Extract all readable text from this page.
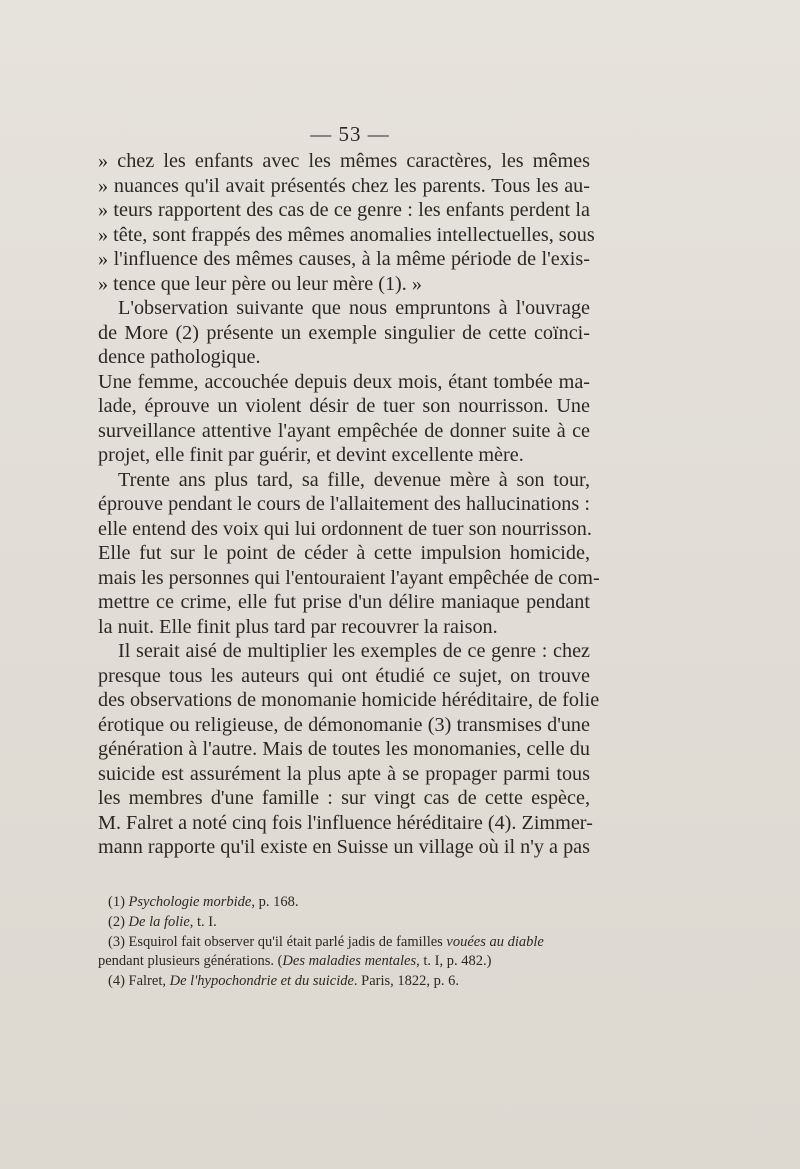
— 53 —
» chez les enfants avec les mêmes caractères, les mêmes
» nuances qu'il avait présentés chez les parents. Tous les au-
» teurs rapportent des cas de ce genre : les enfants perdent la
» tête, sont frappés des mêmes anomalies intellectuelles, sous
» l'influence des mêmes causes, à la même période de l'exis-
» tence que leur père ou leur mère (1). »
L'observation suivante que nous empruntons à l'ouvrage
de More (2) présente un exemple singulier de cette coïnci-
dence pathologique.
Une femme, accouchée depuis deux mois, étant tombée ma-
lade, éprouve un violent désir de tuer son nourrisson. Une
surveillance attentive l'ayant empêchée de donner suite à ce
projet, elle finit par guérir, et devint excellente mère.
Trente ans plus tard, sa fille, devenue mère à son tour,
éprouve pendant le cours de l'allaitement des hallucinations :
elle entend des voix qui lui ordonnent de tuer son nourrisson.
Elle fut sur le point de céder à cette impulsion homicide,
mais les personnes qui l'entouraient l'ayant empêchée de com-
mettre ce crime, elle fut prise d'un délire maniaque pendant
la nuit. Elle finit plus tard par recouvrer la raison.
Il serait aisé de multiplier les exemples de ce genre : chez
presque tous les auteurs qui ont étudié ce sujet, on trouve
des observations de monomanie homicide héréditaire, de folie
érotique ou religieuse, de démonomanie (3) transmises d'une
génération à l'autre. Mais de toutes les monomanies, celle du
suicide est assurément la plus apte à se propager parmi tous
les membres d'une famille : sur vingt cas de cette espèce,
M. Falret a noté cinq fois l'influence héréditaire (4). Zimmer-
mann rapporte qu'il existe en Suisse un village où il n'y a pas
(1) Psychologie morbide, p. 168.
(2) De la folie, t. I.
(3) Esquirol fait observer qu'il était parlé jadis de familles vouées au diable
pendant plusieurs générations. (Des maladies mentales, t. I, p. 482.)
(4) Falret, De l'hypochondrie et du suicide. Paris, 1822, p. 6.
